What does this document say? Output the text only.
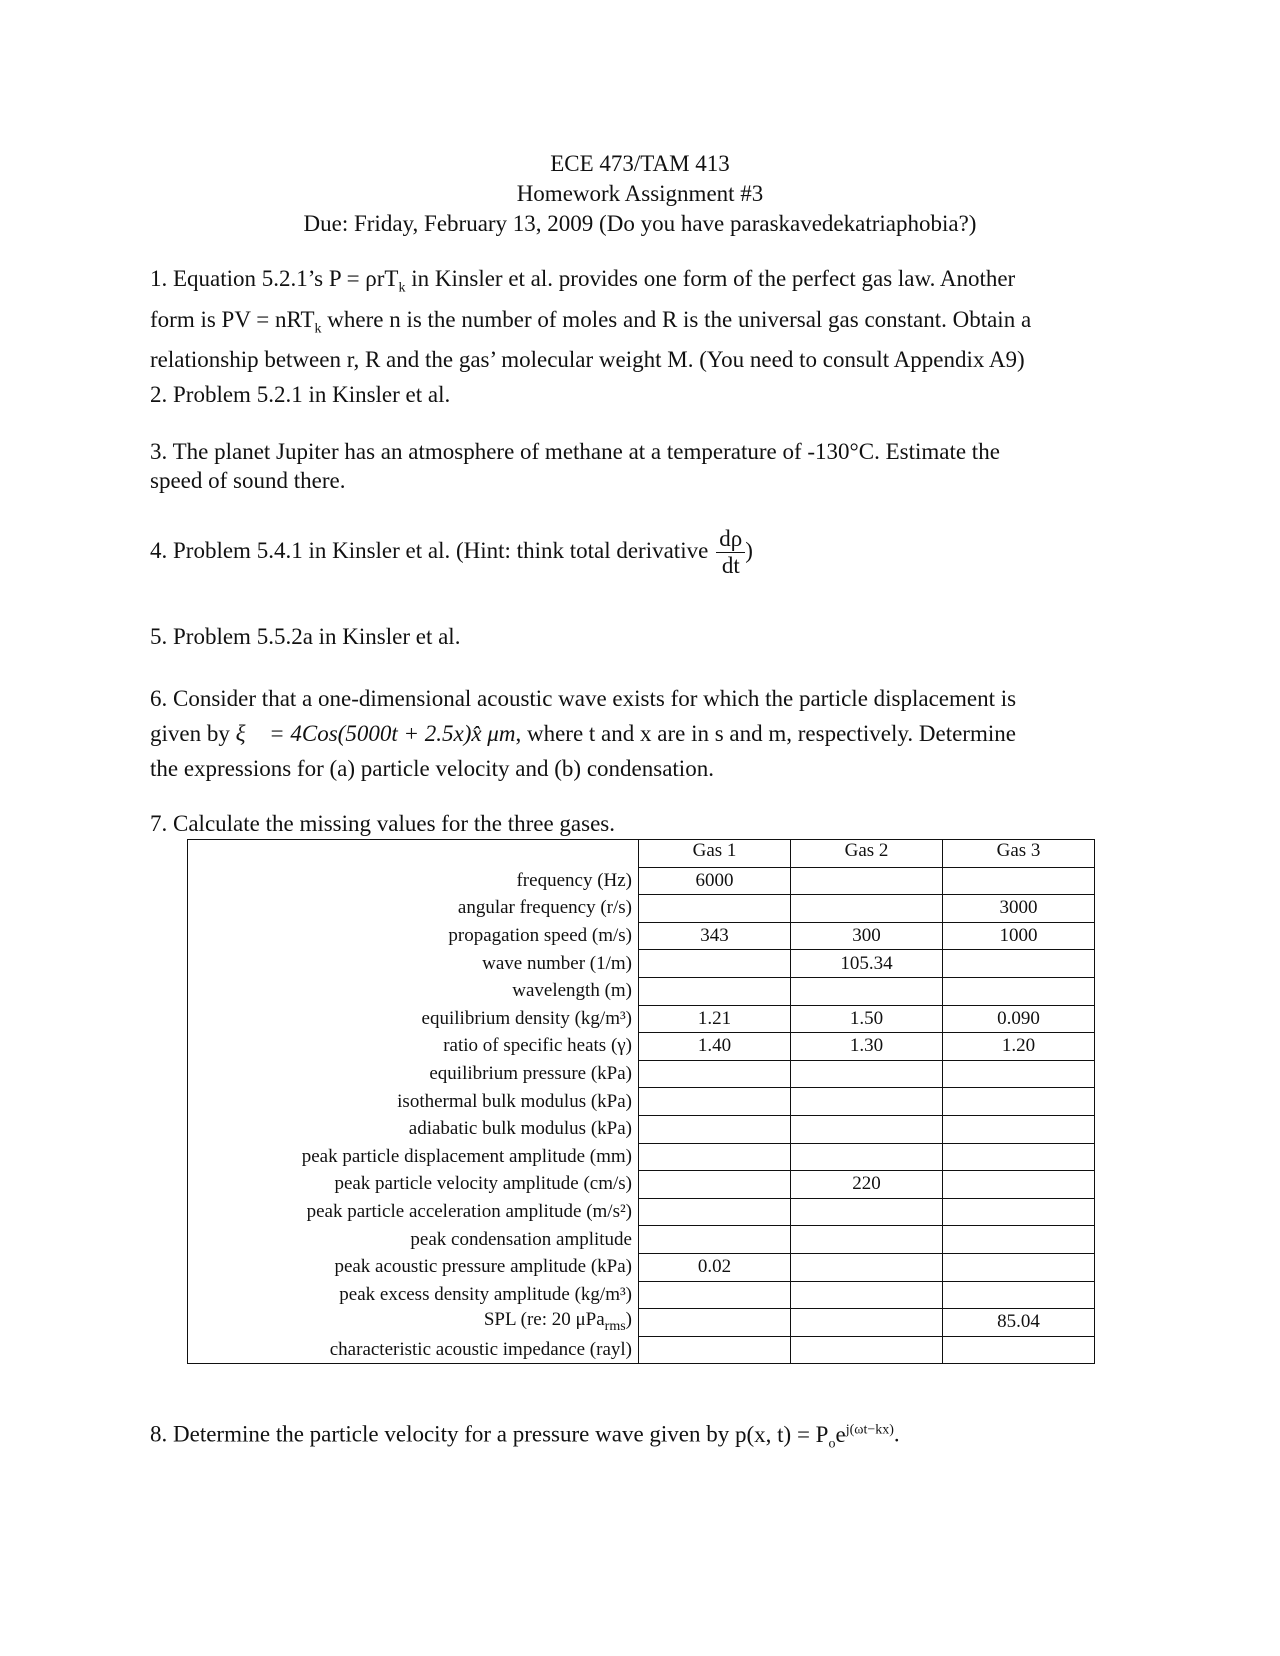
ECE 473/TAM 413
Homework Assignment #3
Due: Friday, February 13, 2009 (Do you have paraskavedekatriaphobia?)
1. Equation 5.2.1’s P = ρrT$_k$ in Kinsler et al. provides one form of the perfect gas law. Another
form is PV = nRT$_k$ where n is the number of moles and R is the universal gas constant. Obtain a
relationship between r, R and the gas’ molecular weight M. (You need to consult Appendix A9)
2. Problem 5.2.1 in Kinsler et al.
3. The planet Jupiter has an atmosphere of methane at a temperature of -130°C. Estimate the
speed of sound there.
4. Problem 5.4.1 in Kinsler et al. (Hint: think total derivative $\frac{d\rho}{dt}$ )
5. Problem 5.5.2a in Kinsler et al.
6. Consider that a one-dimensional acoustic wave exists for which the particle displacement is
given by ξ⃗ = 4Cos(5000t + 2.5x)x̂ μm, where t and x are in s and m, respectively. Determine
the expressions for (a) particle velocity and (b) condensation.
7. Calculate the missing values for the three gases.
	Gas 1	Gas 2	Gas 3
frequency (Hz)	6000		
angular frequency (r/s)			3000
propagation speed (m/s)	343	300	1000
wave number (1/m)		105.34	
wavelength (m)			
equilibrium density (kg/m³)	1.21	1.50	0.090
ratio of specific heats (γ)	1.40	1.30	1.20
equilibrium pressure (kPa)			
isothermal bulk modulus (kPa)			
adiabatic bulk modulus (kPa)			
peak particle displacement amplitude (mm)			
peak particle velocity amplitude (cm/s)		220	
peak particle acceleration amplitude (m/s²)			
peak condensation amplitude			
peak acoustic pressure amplitude (kPa)	0.02		
peak excess density amplitude (kg/m³)			
SPL (re: 20 μPa$_{rms}$)			85.04
characteristic acoustic impedance (rayl)			
8. Determine the particle velocity for a pressure wave given by p(x, $t) = P_oe^{j(\omega t-kx)}$.
